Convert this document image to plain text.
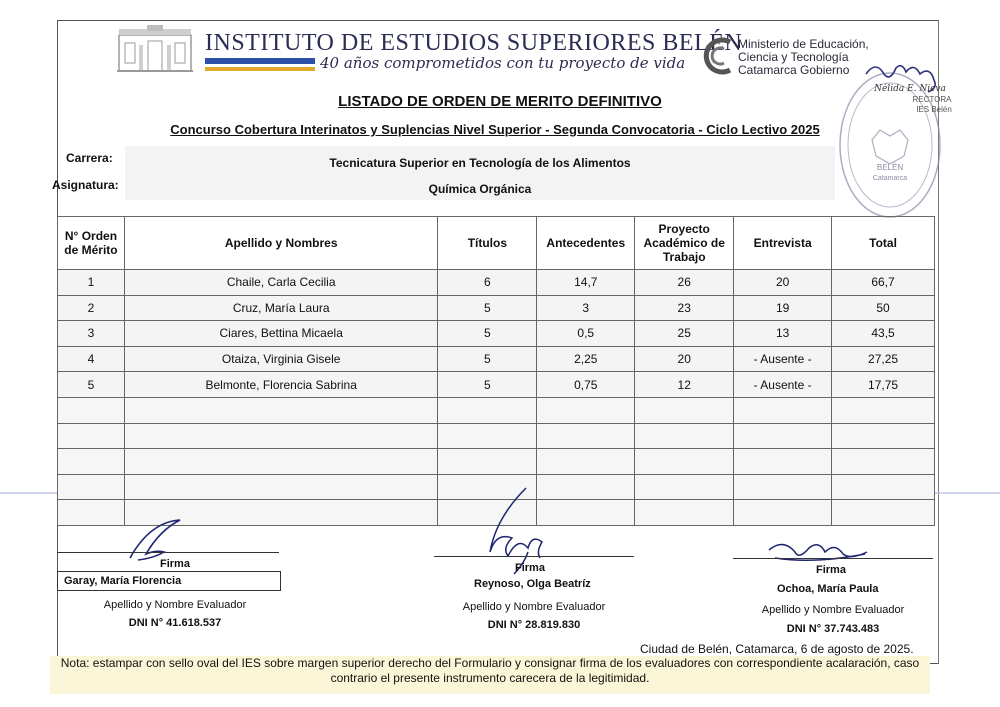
INSTITUTO DE ESTUDIOS SUPERIORES BELÉN
40 años comprometidos con tu proyecto de vida
Ministerio de Educación,
Ciencia y Tecnología
Catamarca Gobierno
BELÉN
Catamarca
Nélida E. Nieva
RECTORA
IES Belén
LISTADO DE ORDEN DE MERITO DEFINITIVO
Concurso Cobertura Interinatos y Suplencias Nivel Superior - Segunda Convocatoria - Ciclo Lectivo 2025
Carrera:	Tecnicatura Superior en Tecnología de los Alimentos
Asignatura:	Química Orgánica
N° Orden de Mérito	Apellido y Nombres	Títulos	Antecedentes	Proyecto Académico de Trabajo	Entrevista	Total
1	Chaile, Carla Cecilia	6	14,7	26	20	66,7
2	Cruz, María Laura	5	3	23	19	50
3	Ciares, Bettina Micaela	5	0,5	25	13	43,5
4	Otaiza, Virginia Gisele	5	2,25	20	- Ausente -	27,25
5	Belmonte, Florencia Sabrina	5	0,75	12	- Ausente -	17,75

Firma
Garay, María Florencia
Apellido y Nombre Evaluador
DNI N° 41.618.537
Firma
Reynoso, Olga Beatríz
Apellido y Nombre Evaluador
DNI N° 28.819.830
Firma
Ochoa, María Paula
Apellido y Nombre Evaluador
DNI N° 37.743.483
Ciudad de Belén, Catamarca, 6 de agosto de 2025.
Nota: estampar con sello oval del IES sobre margen superior derecho del Formulario y consignar firma de los evaluadores con correspondiente acalaración, caso contrario el presente instrumento carecera de la legitimidad.
